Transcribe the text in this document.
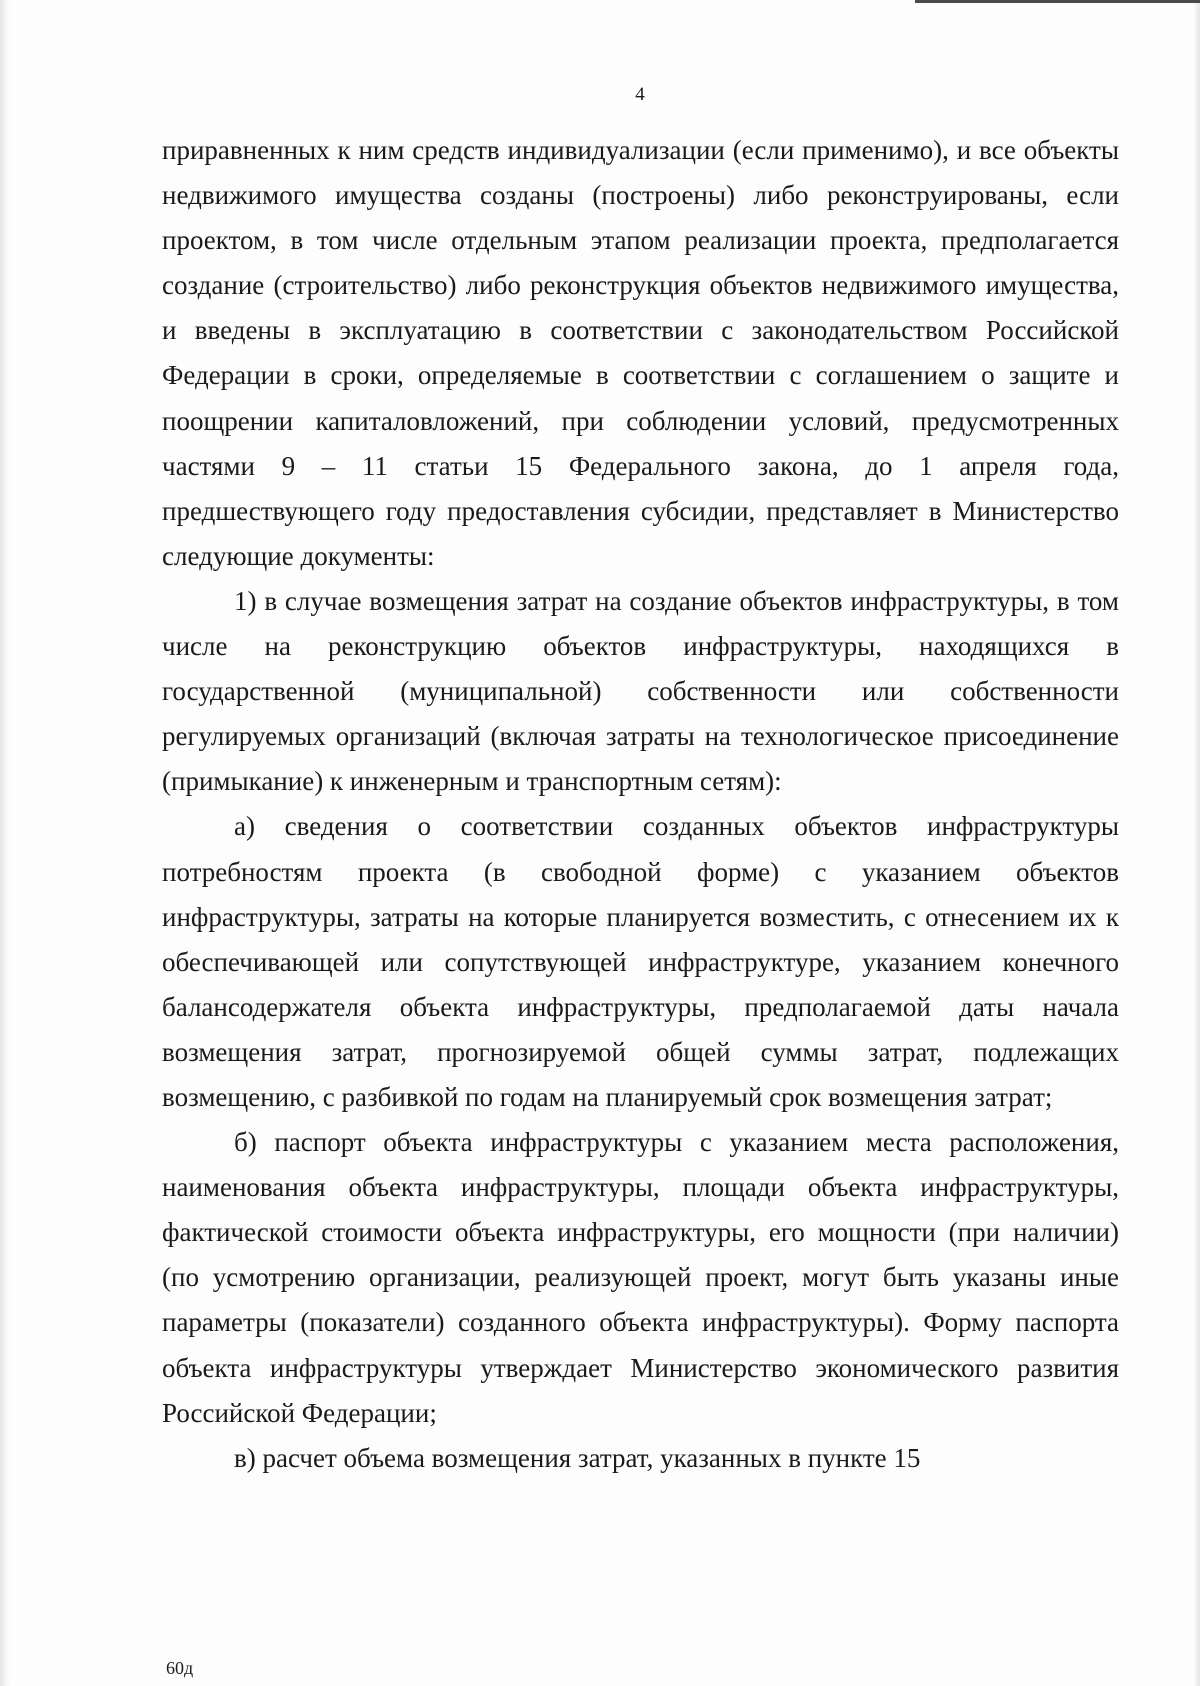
4

приравненных к ним средств индивидуализации (если применимо), и все объекты недвижимого имущества созданы (построены) либо реконструированы, если проектом, в том числе отдельным этапом реализации проекта, предполагается создание (строительство) либо реконструкция объектов недвижимого имущества, и введены в эксплуатацию в соответствии с законодательством Российской Федерации в сроки, определяемые в соответствии с соглашением о защите и поощрении капиталовложений, при соблюдении условий, предусмотренных частями 9 – 11 статьи 15 Федерального закона, до 1 апреля года, предшествующего году предоставления субсидии, представляет в Министерство следующие документы:

1) в случае возмещения затрат на создание объектов инфраструктуры, в том числе на реконструкцию объектов инфраструктуры, находящихся в государственной (муниципальной) собственности или собственности регулируемых организаций (включая затраты на технологическое присоединение (примыкание) к инженерным и транспортным сетям):

а) сведения о соответствии созданных объектов инфраструктуры потребностям проекта (в свободной форме) с указанием объектов инфраструктуры, затраты на которые планируется возместить, с отнесением их к обеспечивающей или сопутствующей инфраструктуре, указанием конечного балансодержателя объекта инфраструктуры, предполагаемой даты начала возмещения затрат, прогнозируемой общей суммы затрат, подлежащих возмещению, с разбивкой по годам на планируемый срок возмещения затрат;

б) паспорт объекта инфраструктуры с указанием места расположения, наименования объекта инфраструктуры, площади объекта инфраструктуры, фактической стоимости объекта инфраструктуры, его мощности (при наличии) (по усмотрению организации, реализующей проект, могут быть указаны иные параметры (показатели) созданного объекта инфраструктуры). Форму паспорта объекта инфраструктуры утверждает Министерство экономического развития Российской Федерации;

в) расчет объема возмещения затрат, указанных в пункте 15

60д
